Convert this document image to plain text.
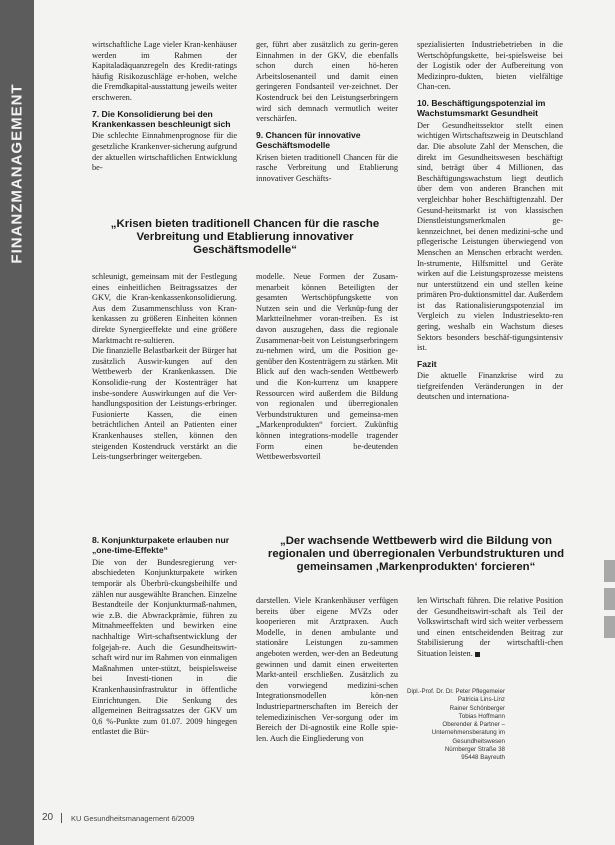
FINANZMANAGEMENT

wirtschaftliche Lage vieler Kran-kenhäuser werden im Rahmen der Kapitaladäquanzregeln des Kredit-ratings häufig Risikozuschläge er-hoben, welche die Fremdkapital-ausstattung jeweils weiter erschweren.

7. Die Konsolidierung bei den Krankenkassen beschleunigt sich

Die schlechte Einnahmenprognose für die gesetzliche Krankenver-sicherung aufgrund der aktuellen wirtschaftlichen Entwicklung be-

ger, führt aber zusätzlich zu gerin-geren Einnahmen in der GKV, die ebenfalls schon durch einen hö-heren Arbeitslosenanteil und damit einen geringeren Fondsanteil ver-zeichnet. Der Kostendruck bei den Leistungserbringern wird sich demnach vermutlich weiter verschärfen.

9. Chancen für innovative Geschäftsmodelle

Krisen bieten traditionell Chancen für die rasche Verbreitung und Etablierung innovativer Geschäfts-

spezialisierten Industriebetrieben in die Wertschöpfungskette, bei-spielsweise bei der Logistik oder der Aufbereitung von Medizinpro-dukten, bieten vielfältige Chan-cen.

10. Beschäftigungspotenzial im Wachstumsmarkt Gesundheit

Der Gesundheitssektor stellt einen wichtigen Wirtschaftszweig in Deutschland dar. Die absolute Zahl der Menschen, die direkt im Gesundheitswesen beschäftigt sind, beträgt über 4 Millionen, das Beschäftigungswachstum liegt deutlich über dem von anderen Branchen mit vergleichbar hoher Beschäftigtenzahl. Der Gesund-heitsmarkt ist von klassischen Dienstleistungsmerkmalen ge-kennzeichnet, bei denen medizini-sche und pflegerische Leistungen überwiegend von Menschen an Menschen erbracht werden. In-strumente, Hilfsmittel und Geräte wirken auf die Leistungsprozesse meistens nur unterstützend ein und stellen keine primären Pro-duktionsmittel dar. Außerdem ist das Rationalisierungspotenzial im Vergleich zu vielen Industriesekto-ren gering, weshalb ein Wachstum dieses Sektors besonders beschäf-tigungsintensiv ist.

Fazit

Die aktuelle Finanzkrise wird zu tiefgreifenden Veränderungen in der deutschen und internationa-

„Krisen bieten traditionell Chancen für die rasche Verbreitung und Etablierung innovativer Geschäftsmodelle“

schleunigt, gemeinsam mit der Festlegung eines einheitlichen Beitragssatzes der GKV, die Kran-kenkassenkonsolidierung. Aus dem Zusammenschluss von Kran-kenkassen zu größeren Einheiten können direkte Synergieeffekte und eine größere Marktmacht re-sultieren.

Die finanzielle Belastbarkeit der Bürger hat zusätzlich Auswir-kungen auf den Wettbewerb der Krankenkassen. Die Konsolidie-rung der Kostenträger hat insbe-sondere Auswirkungen auf die Ver-handlungsposition der Leistungs-erbringer. Fusionierte Kassen, die einen beträchtlichen Anteil an Patienten einer Krankenhauses stellen, können den steigenden Kostendruck verstärkt an die Leis-tungserbringer weitergeben.

modelle. Neue Formen der Zusam-menarbeit können Beteiligten der gesamten Wertschöpfungskette von Nutzen sein und die Verknüp-fung der Marktteilnehmer voran-treiben. Es ist davon auszugehen, dass die regionale Zusammenar-beit von Leistungserbringern zu-nehmen wird, um die Position ge-genüber den Kostenträgern zu stärken. Mit Blick auf den wach-senden Wettbewerb und die Kon-kurrenz um knappere Ressourcen wird außerdem die Bildung von regionalen und überregionalen Verbundstrukturen und gemeinsa-men „Markenprodukten“ forciert. Zukünftig können integrations-modelle tragender Form einen be-deutenden Wettbewerbsvorteil

8. Konjunkturpakete erlauben nur „one-time-Effekte“

Die von der Bundesregierung ver-abschiedeten Konjunkturpakete wirken temporär als Überbrü-ckungsbeihilfe und zählen nur ausgewählte Branchen. Einzelne Bestandteile der Konjunkturmaß-nahmen, wie z.B. die Abwrackprämie, führen zu Mitnahmeeffekten und bewirken eine nachhaltige Wirt-schaftsentwicklung der folgejah-re. Auch die Gesundheitswirt-schaft wird nur im Rahmen von einmaligen Maßnahmen unter-stützt, beispielsweise bei Investi-tionen in die Krankenhausinfrastruktur in öffentliche Einrichtungen. Die Senkung des allgemeinen Beitragssatzes der GKV um 0,6 %-Punkte zum 01.07. 2009 hingegen entlastet die Bür-

„Der wachsende Wettbewerb wird die Bildung von regionalen und überregionalen Verbundstrukturen und gemeinsamen ‚Markenprodukten‘ forcieren“

darstellen. Viele Krankenhäuser verfügen bereits über eigene MVZs oder kooperieren mit Arztpraxen. Auch Modelle, in denen ambulante und stationäre Leistungen zu-sammen angeboten werden, wer-den an Bedeutung gewinnen und damit einen erweiterten Markt-anteil erschließen. Zusätzlich zu den vorwiegend medizini-schen Integrationsmodellen kön-nen Industriepartnerschaften im Bereich der telemedizinischen Ver-sorgung oder im Bereich der Di-agnostik eine Rolle spie-len. Auch die Eingliederung von

len Wirtschaft führen. Die relative Position der Gesundheitswirt-schaft als Teil der Volkswirtschaft wird sich weiter verbessern und einen entscheidenden Beitrag zur Stabilisierung der wirtschaftli-chen Situation leisten.

Dipl.-Prof. Dr. Dr. Peter Pflegemeier
Patricia Lins-Linz
Rainer Schönberger
Tobias Hoffmann
Oberender & Partner –
Unternehmensberatung im
Gesundheitswesen
Nürnberger Straße 38
95448 Bayreuth
20 KU Gesundheitsmanagement 6/2009
